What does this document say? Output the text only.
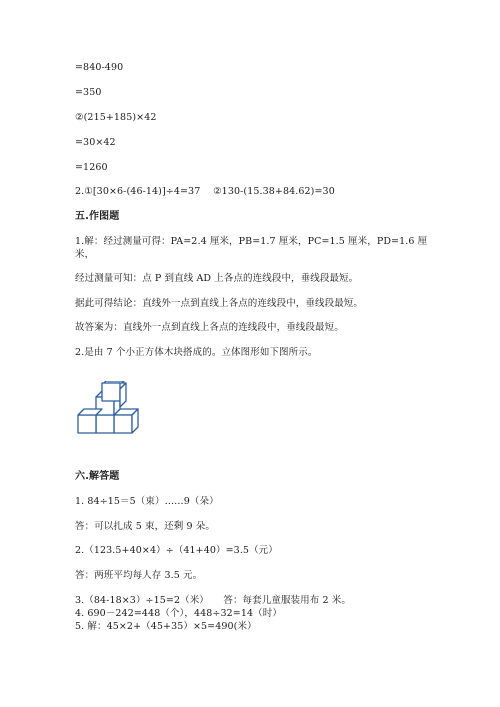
=840-490
=350
②(215+185)×42
=30×42
=1260
2.①[30×6-(46-14)]÷4=37　 ②130-(15.38+84.62)=30
五.作图题
1.解：经过测量可得：PA=2.4 厘米，PB=1.7 厘米，PC=1.5 厘米，PD=1.6 厘米，
经过测量可知：点 P 到直线 AD 上各点的连线段中，垂线段最短。
据此可得结论：直线外一点到直线上各点的连线段中，垂线段最短。
故答案为：直线外一点到直线上各点的连线段中，垂线段最短。
2.是由 7 个小正方体木块搭成的。立体图形如下图所示。
六.解答题
1. 84÷15＝5（束）……9（朵）
答：可以扎成 5 束，还剩 9 朵。
2.（123.5+40×4）÷（41+40）=3.5（元）
答：两班平均每人存 3.5 元。
3.（84-18×3）÷15=2（米）　　答：每套儿童服装用布 2 米。
4. 690－242=448（个），448÷32=14（时）
5. 解：45×2+（45+35）×5=490(米）
